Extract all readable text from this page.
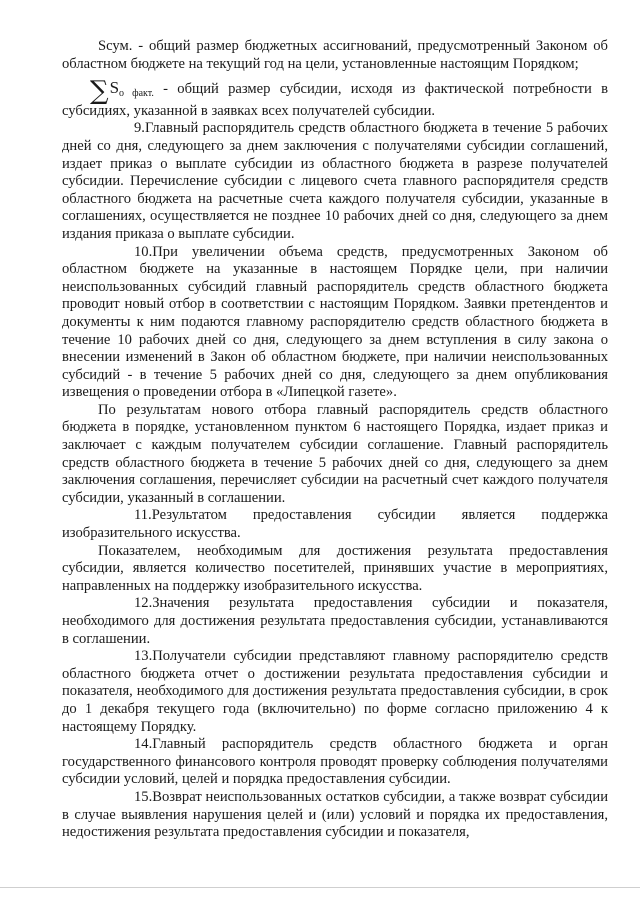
Sсум. - общий размер бюджетных ассигнований, предусмотренный Законом об областном бюджете на текущий год на цели, установленные настоящим Порядком;

$\sum S_{о факт.}$ - общий размер субсидии, исходя из фактической потребности в субсидиях, указанной в заявках всех получателей субсидии.

9.Главный распорядитель средств областного бюджета в течение 5 рабочих дней со дня, следующего за днем заключения с получателями субсидии соглашений, издает приказ о выплате субсидии из областного бюджета в разрезе получателей субсидии. Перечисление субсидии с лицевого счета главного распорядителя средств областного бюджета на расчетные счета каждого получателя субсидии, указанные в соглашениях, осуществляется не позднее 10 рабочих дней со дня, следующего за днем издания приказа о выплате субсидии.

10.При увеличении объема средств, предусмотренных Законом об областном бюджете на указанные в настоящем Порядке цели, при наличии неиспользованных субсидий главный распорядитель средств областного бюджета проводит новый отбор в соответствии с настоящим Порядком. Заявки претендентов и документы к ним подаются главному распорядителю средств областного бюджета в течение 10 рабочих дней со дня, следующего за днем вступления в силу закона о внесении изменений в Закон об областном бюджете, при наличии неиспользованных субсидий - в течение 5 рабочих дней со дня, следующего за днем опубликования извещения о проведении отбора в «Липецкой газете».

По результатам нового отбора главный распорядитель средств областного бюджета в порядке, установленном пунктом 6 настоящего Порядка, издает приказ и заключает с каждым получателем субсидии соглашение. Главный распорядитель средств областного бюджета в течение 5 рабочих дней со дня, следующего за днем заключения соглашения, перечисляет субсидии на расчетный счет каждого получателя субсидии, указанный в соглашении.

11.Результатом предоставления субсидии является поддержка изобразительного искусства.

Показателем, необходимым для достижения результата предоставления субсидии, является количество посетителей, принявших участие в мероприятиях, направленных на поддержку изобразительного искусства.

12.Значения результата предоставления субсидии и показателя, необходимого для достижения результата предоставления субсидии, устанавливаются в соглашении.

13.Получатели субсидии представляют главному распорядителю средств областного бюджета отчет о достижении результата предоставления субсидии и показателя, необходимого для достижения результата предоставления субсидии, в срок до 1 декабря текущего года (включительно) по форме согласно приложению 4 к настоящему Порядку.

14.Главный распорядитель средств областного бюджета и орган государственного финансового контроля проводят проверку соблюдения получателями субсидии условий, целей и порядка предоставления субсидии.

15.Возврат неиспользованных остатков субсидии, а также возврат субсидии в случае выявления нарушения целей и (или) условий и порядка их предоставления, недостижения результата предоставления субсидии и показателя,
